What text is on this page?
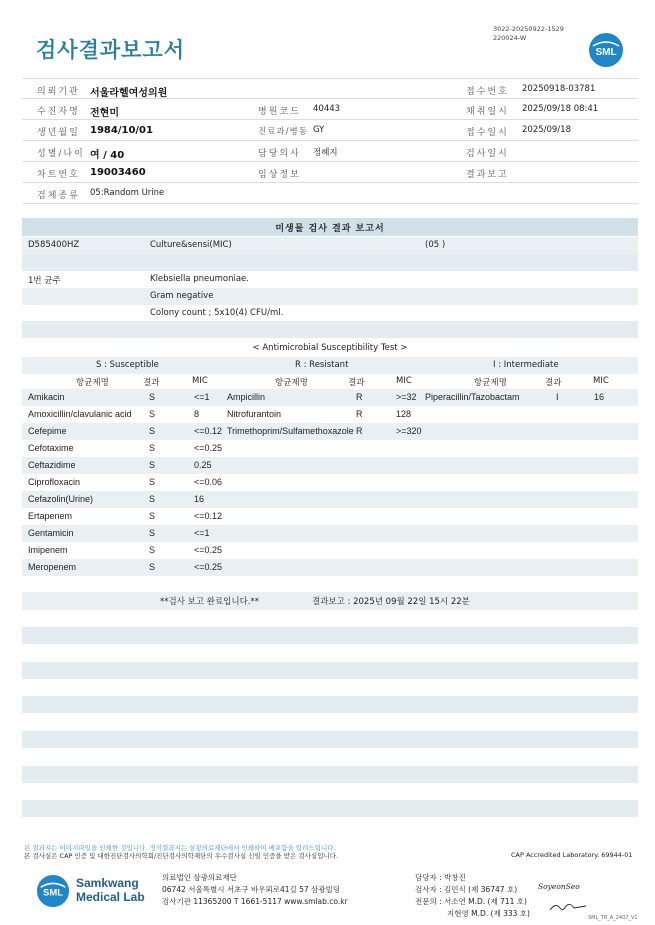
검사결과보고서
3022-20250922-1529
220024-W
SML
의뢰기관 서울라헬여성의원	접수번호 20250918-03781
수진자명 전현미	병원코드 40443	채취일시 2025/09/18 08:41
생년월일 1984/10/01	진료과/병동 GY	접수일시 2025/09/18
성별/나이 여 / 40	담당의사 정혜지	검사일시
차트번호 19003460	임상정보	결과보고
검체종류 05:Random Urine
미생물 검사 결과 보고서
D585400HZ	Culture&sensi(MIC)	(05 )
1번 균주	Klebsiella pneumoniae.
Gram negative
Colony count ; 5x10(4) CFU/ml.
< Antimicrobial Susceptibility Test >
S : Susceptible	R : Resistant	I : Intermediate
항균제명	결과	MIC	항균제명	결과	MIC	항균제명	결과	MIC
Amikacin	S	<=1 Ampicillin	R	>=32 Piperacillin/Tazobactam	I	16
Amoxicillin/clavulanic acid S	8	Nitrofurantoin	R	128
Cefepime	S	<=0.12 Trimethoprim/Sulfamethoxazole R	>=320
Cefotaxime	S	<=0.25
Ceftazidime	S	0.25
Ciprofloxacin	S	<=0.06
Cefazolin(Urine)	S	16
Ertapenem	S	<=0.12
Gentamicin	S	<=1
Imipenem	S	<=0.25
Meropenem	S	<=0.25
**검사 보고 완료입니다.**	결과보고 : 2025년 09월 22일 15시 22분
본 결과지는 이미지파일을 인쇄한 것입니다. 정식결과지는 삼광의료재단에서 인쇄하여 배포함을 알려드립니다.
본 검사실은 CAP 인증 및 대한진단검사의학회/진단검사의학재단의 우수검사실 신임 인증을 받은 검사실입니다.	CAP Accredited Laboratory. 69944-01
SML
Samkwang
Medical Lab
의료법인 삼광의료재단
06742 서울특별시 서초구 바우뫼로41길 57 삼광빌딩
검사기관 11365200 T 1661-5117 www.smlab.co.kr
담당자 : 박창진
검사자 : 김민식 (제 36747 호)
전문의 : 서소연 M.D. (제 711 호)
지현영 M.D. (제 333 호)
SoyeonSeo
SML_TR_A_2407_V1
